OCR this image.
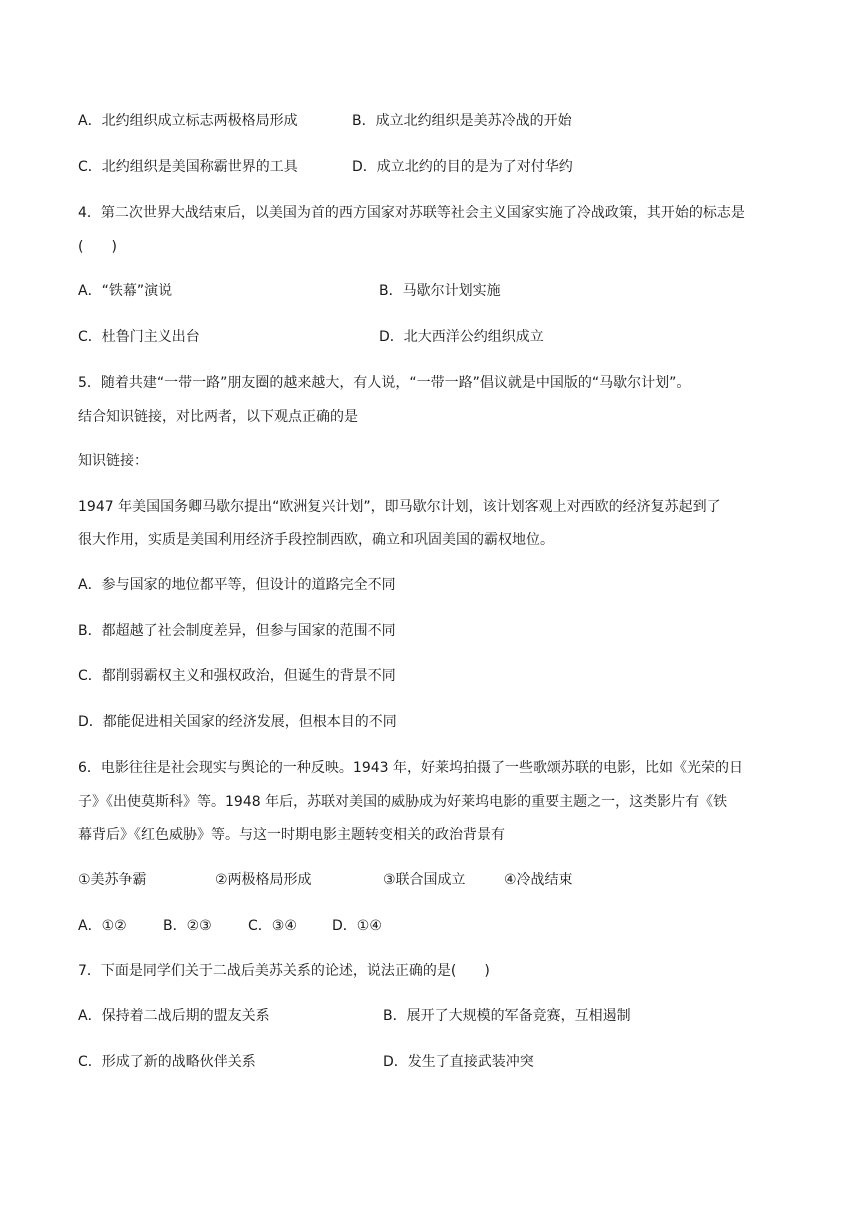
A．北约组织成立标志两极格局形成	B．成立北约组织是美苏冷战的开始
C．北约组织是美国称霸世界的工具	D．成立北约的目的是为了对付华约
4．第二次世界大战结束后，以美国为首的西方国家对苏联等社会主义国家实施了冷战政策，其开始的标志是
(　　)
A．“铁幕”演说	B．马歇尔计划实施
C．杜鲁门主义出台	D．北大西洋公约组织成立
5．随着共建“一带一路”朋友圈的越来越大，有人说，“一带一路”倡议就是中国版的“马歇尔计划”。
结合知识链接，对比两者，以下观点正确的是
知识链接：
1947 年美国国务卿马歇尔提出“欧洲复兴计划”，即马歇尔计划，该计划客观上对西欧的经济复苏起到了
很大作用，实质是美国利用经济手段控制西欧，确立和巩固美国的霸权地位。
A．参与国家的地位都平等，但设计的道路完全不同
B．都超越了社会制度差异，但参与国家的范围不同
C．都削弱霸权主义和强权政治，但诞生的背景不同
D．都能促进相关国家的经济发展，但根本目的不同
6．电影往往是社会现实与舆论的一种反映。1943 年，好莱坞拍摄了一些歌颂苏联的电影，比如《光荣的日
子》《出使莫斯科》等。1948 年后，苏联对美国的威胁成为好莱坞电影的重要主题之一，这类影片有《铁
幕背后》《红色威胁》等。与这一时期电影主题转变相关的政治背景有
①美苏争霸	②两极格局形成	③联合国成立	④冷战结束
A．①②	B．②③	C．③④	D．①④
7．下面是同学们关于二战后美苏关系的论述，说法正确的是(　　)
A．保持着二战后期的盟友关系	B．展开了大规模的军备竞赛，互相遏制
C．形成了新的战略伙伴关系	D．发生了直接武装冲突
